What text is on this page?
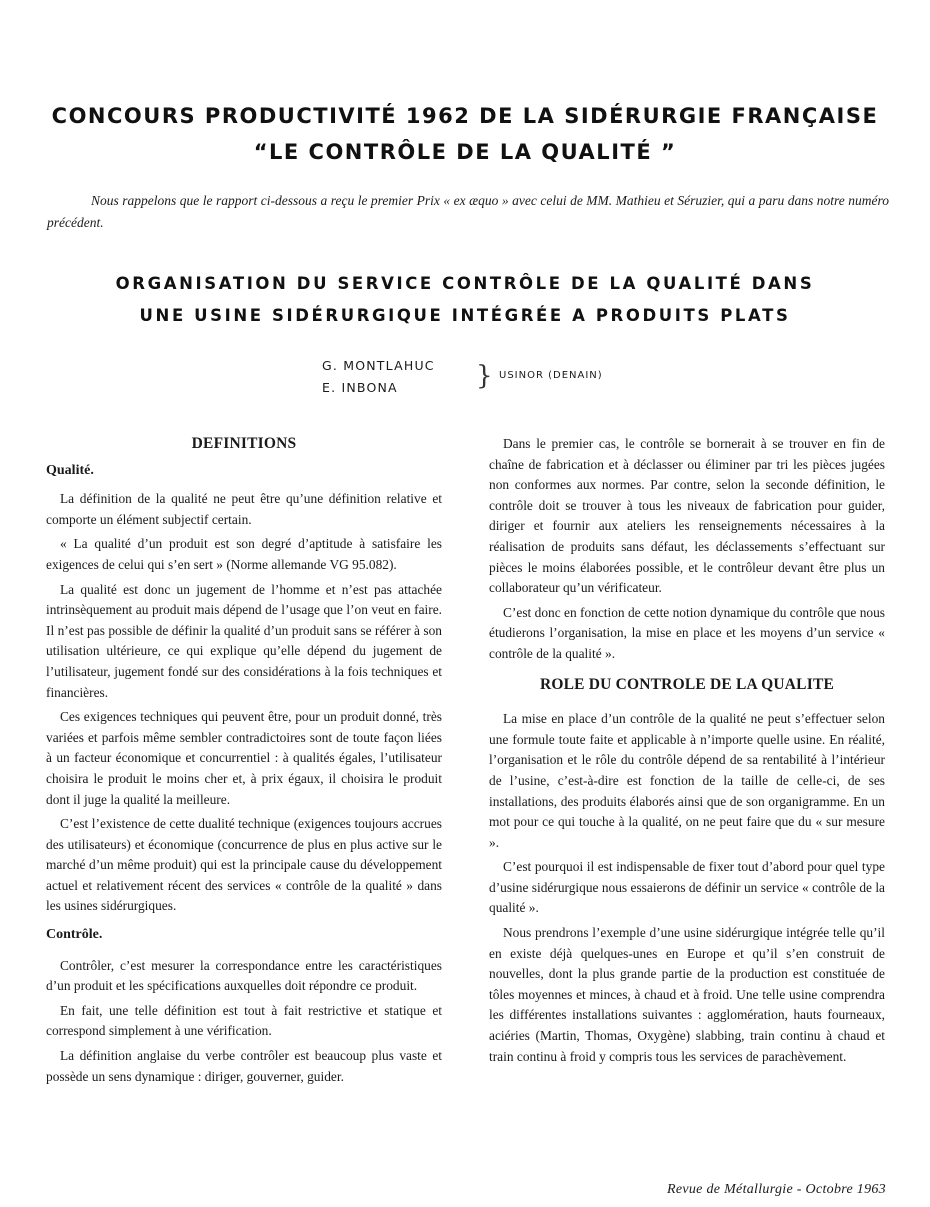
CONCOURS PRODUCTIVITÉ 1962 DE LA SIDÉRURGIE FRANÇAISE
“LE CONTRÔLE DE LA QUALITÉ ”

Nous rappelons que le rapport ci-dessous a reçu le premier Prix « ex æquo » avec celui de MM. Mathieu et Séruzier, qui a paru dans notre numéro précédent.

ORGANISATION DU SERVICE CONTRÔLE DE LA QUALITÉ DANS
UNE USINE SIDÉRURGIQUE INTÉGRÉE A PRODUITS PLATS
G. MONTLAHUC
E. INBONA	} USINOR (DENAIN)
DEFINITIONS
Qualité.

La définition de la qualité ne peut être qu’une définition relative et comporte un élément subjectif certain.

« La qualité d’un produit est son degré d’aptitude à satisfaire les exigences de celui qui s’en sert » (Norme allemande VG 95.082).

La qualité est donc un jugement de l’homme et n’est pas attachée intrinsèquement au produit mais dépend de l’usage que l’on veut en faire. Il n’est pas possible de définir la qualité d’un produit sans se référer à son utilisation ultérieure, ce qui explique qu’elle dépend du jugement de l’utilisateur, jugement fondé sur des considérations à la fois techniques et financières.

Ces exigences techniques qui peuvent être, pour un produit donné, très variées et parfois même sembler contradictoires sont de toute façon liées à un facteur économique et concurrentiel : à qualités égales, l’utilisateur choisira le produit le moins cher et, à prix égaux, il choisira le produit dont il juge la qualité la meilleure.

C’est l’existence de cette dualité technique (exigences toujours accrues des utilisateurs) et économique (concurrence de plus en plus active sur le marché d’un même produit) qui est la principale cause du développement actuel et relativement récent des services « contrôle de la qualité » dans les usines sidérurgiques.

Contrôle.

Contrôler, c’est mesurer la correspondance entre les caractéristiques d’un produit et les spécifications auxquelles doit répondre ce produit.

En fait, une telle définition est tout à fait restrictive et statique et correspond simplement à une vérification.

La définition anglaise du verbe contrôler est beaucoup plus vaste et possède un sens dynamique : diriger, gouverner, guider.

Dans le premier cas, le contrôle se bornerait à se trouver en fin de chaîne de fabrication et à déclasser ou éliminer par tri les pièces jugées non conformes aux normes. Par contre, selon la seconde définition, le contrôle doit se trouver à tous les niveaux de fabrication pour guider, diriger et fournir aux ateliers les renseignements nécessaires à la réalisation de produits sans défaut, les déclassements s’effectuant sur pièces le moins élaborées possible, et le contrôleur devant être plus un collaborateur qu’un vérificateur.

C’est donc en fonction de cette notion dynamique du contrôle que nous étudierons l’organisation, la mise en place et les moyens d’un service « contrôle de la qualité ».

ROLE DU CONTROLE DE LA QUALITE

La mise en place d’un contrôle de la qualité ne peut s’effectuer selon une formule toute faite et applicable à n’importe quelle usine. En réalité, l’organisation et le rôle du contrôle dépend de sa rentabilité à l’intérieur de l’usine, c’est-à-dire est fonction de la taille de celle-ci, de ses installations, des produits élaborés ainsi que de son organigramme. En un mot pour ce qui touche à la qualité, on ne peut faire que du « sur mesure ».

C’est pourquoi il est indispensable de fixer tout d’abord pour quel type d’usine sidérurgique nous essaierons de définir un service « contrôle de la qualité ».

Nous prendrons l’exemple d’une usine sidérurgique intégrée telle qu’il en existe déjà quelques-unes en Europe et qu’il s’en construit de nouvelles, dont la plus grande partie de la production est constituée de tôles moyennes et minces, à chaud et à froid. Une telle usine comprendra les différentes installations suivantes : agglomération, hauts fourneaux, aciéries (Martin, Thomas, Oxygène) slabbing, train continu à chaud et train continu à froid y compris tous les services de parachèvement.

Revue de Métallurgie - Octobre 1963
